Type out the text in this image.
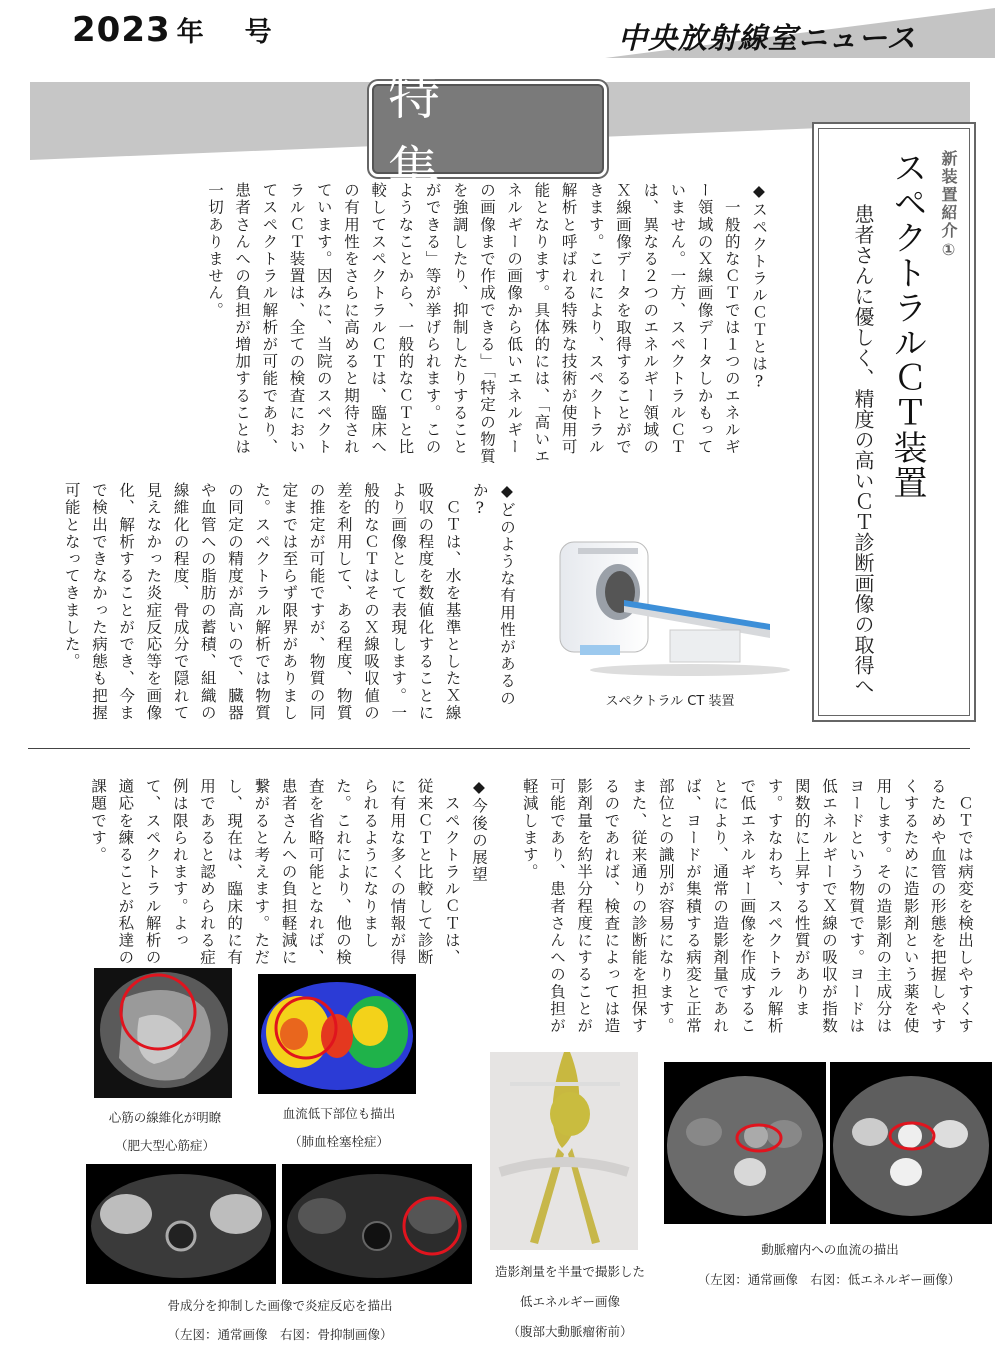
2023 年 号	中央放射線室ニュース
特　集	新装置紹介①
スペクトラルＣＴ装置
患者さんに優しく、精度の高いＣＴ診断画像の取得へ
◆スペクトラルＣＴとは?
　一般的なＣＴでは１つのエネルギー領域のＸ線画像データしかもっていません。一方、スペクトラルＣＴは、異なる２つのエネルギー領域のＸ線画像データを取得することができます。これにより、スペクトラル解析と呼ばれる特殊な技術が使用可能となります。具体的には、「高いエネルギーの画像から低いエネルギーの画像まで作成できる」「特定の物質を強調したり、抑制したりすることができる」等が挙げられます。このようなことから、一般的なＣＴと比較してスペクトラルＣＴは、臨床への有用性をさらに高めると期待されています。因みに、当院のスペクトラルＣＴ装置は、全ての検査においてスペクトラル解析が可能であり、患者さんへの負担が増加することは一切ありません。
◆どのような有用性があるのか?
　ＣＴは、水を基準としたＸ線吸収の程度を数値化することにより画像として表現します。一般的なＣＴはそのＸ線吸収値の差を利用して、ある程度、物質の推定が可能ですが、物質の同定までは至らず限界がありました。スペクトラル解析では物質の同定の精度が高いので、臓器や血管への脂肪の蓄積、組織の線維化の程度、骨成分で隠れて見えなかった炎症反応等を画像化、解析することができ、今まで検出できなかった病態も把握可能となってきました。
スペクトラル CT 装置
　ＣＴでは病変を検出しやすくするためや血管の形態を把握しやすくするために造影剤という薬を使用します。その造影剤の主成分はヨードという物質です。ヨードは低エネルギーでＸ線の吸収が指数関数的に上昇する性質があります。すなわち、スペクトラル解析で低エネルギー画像を作成することにより、通常の造影剤量であれば、ヨードが集積する病変と正常部位との識別が容易になります。また、従来通りの診断能を担保するのであれば、検査によっては造影剤量を約半分程度にすることが可能であり、患者さんへの負担が軽減します。
◆今後の展望
　スペクトラルＣＴは、従来ＣＴと比較して診断に有用な多くの情報が得られるようになりました。これにより、他の検査を省略可能となれば、患者さんへの負担軽減に繋がると考えます。ただし、現在は、臨床的に有用であると認められる症例は限られます。よって、スペクトラル解析の適応を練ることが私達の課題です。
心筋の線維化が明瞭
（肥大型心筋症）
血流低下部位も描出
（肺血栓塞栓症）
骨成分を抑制した画像で炎症反応を描出
（左図：通常画像　右図：骨抑制画像）
造影剤量を半量で撮影した
低エネルギー画像
（腹部大動脈瘤術前）
動脈瘤内への血流の描出
（左図：通常画像　右図：低エネルギー画像）
